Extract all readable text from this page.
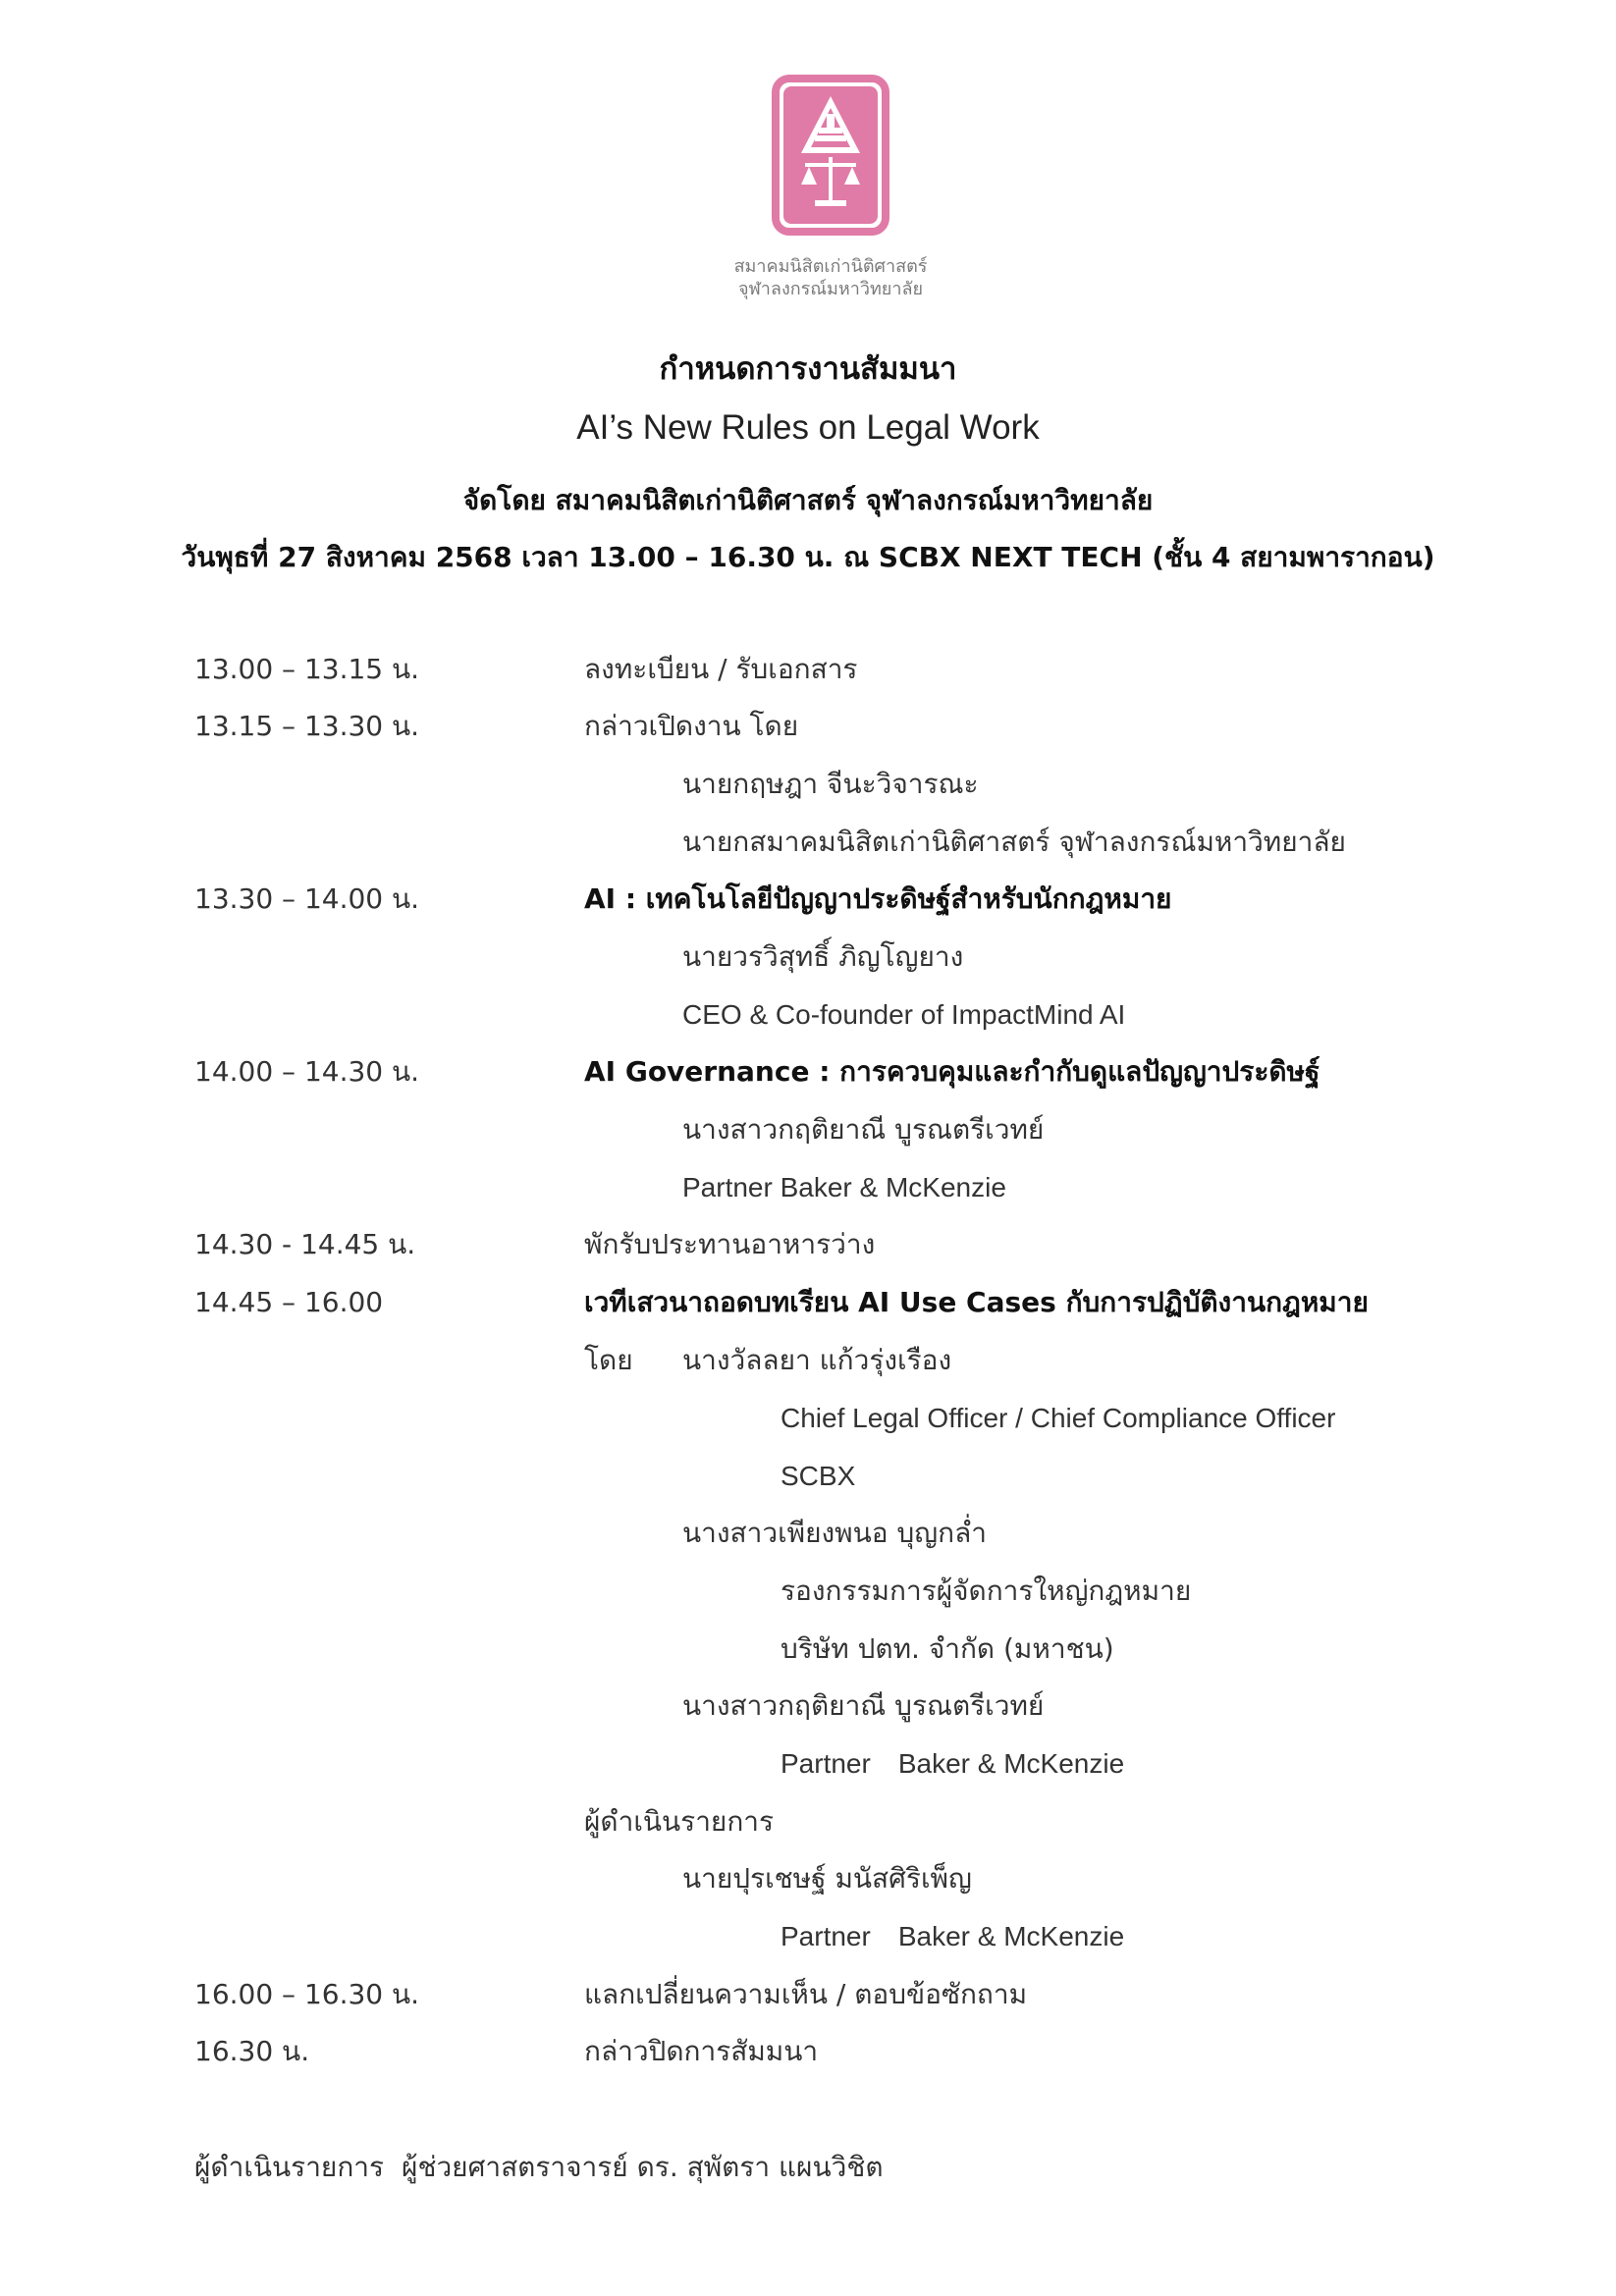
สมาคมนิสิตเก่านิติศาสตร์
จุฬาลงกรณ์มหาวิทยาลัย
กำหนดการงานสัมมนา
AI’s New Rules on Legal Work
จัดโดย สมาคมนิสิตเก่านิติศาสตร์ จุฬาลงกรณ์มหาวิทยาลัย
วันพุธที่ 27 สิงหาคม 2568 เวลา 13.00 – 16.30 น. ณ SCBX NEXT TECH (ชั้น 4 สยามพารากอน)
13.00 – 13.15 น.	ลงทะเบียน / รับเอกสาร
13.15 – 13.30 น.	กล่าวเปิดงาน โดย
นายกฤษฎา จีนะวิจารณะ
นายกสมาคมนิสิตเก่านิติศาสตร์ จุฬาลงกรณ์มหาวิทยาลัย
13.30 – 14.00 น.	AI : เทคโนโลยีปัญญาประดิษฐ์สำหรับนักกฎหมาย
นายวรวิสุทธิ์ ภิญโญยาง
CEO & Co-founder of ImpactMind AI
14.00 – 14.30 น.	AI Governance : การควบคุมและกำกับดูแลปัญญาประดิษฐ์
นางสาวกฤติยาณี บูรณตรีเวทย์
Partner Baker & McKenzie
14.30 - 14.45 น.	พักรับประทานอาหารว่าง
14.45 – 16.00	เวทีเสวนาถอดบทเรียน AI Use Cases กับการปฏิบัติงานกฎหมาย
โดย นางวัลลยา แก้วรุ่งเรือง
Chief Legal Officer / Chief Compliance Officer
SCBX
นางสาวเพียงพนอ บุญกล่ำ
รองกรรมการผู้จัดการใหญ่กฎหมาย
บริษัท ปตท. จำกัด (มหาชน)
นางสาวกฤติยาณี บูรณตรีเวทย์
Partner Baker & McKenzie
ผู้ดำเนินรายการ
นายปุรเชษฐ์ มนัสศิริเพ็ญ
Partner Baker & McKenzie
16.00 – 16.30 น.	แลกเปลี่ยนความเห็น / ตอบข้อซักถาม
16.30 น.	กล่าวปิดการสัมมนา
ผู้ดำเนินรายการ ผู้ช่วยศาสตราจารย์ ดร. สุพัตรา แผนวิชิต
